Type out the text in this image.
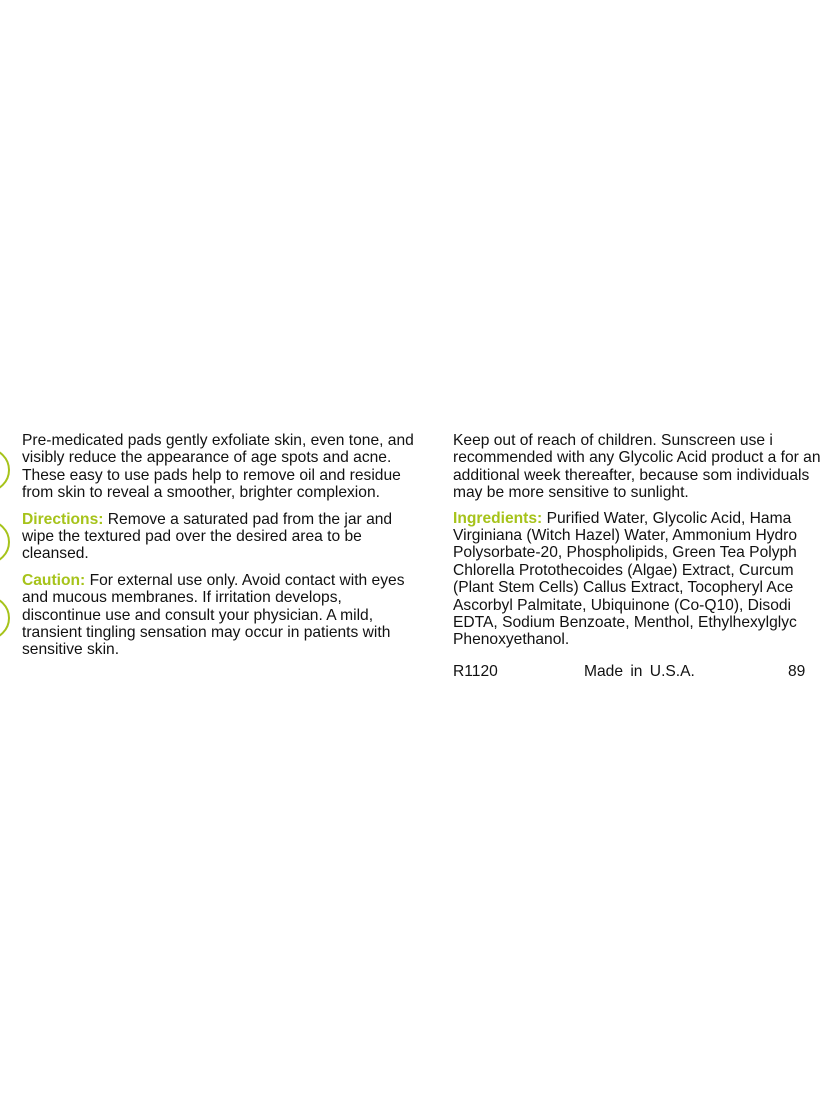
Pre-medicated pads gently exfoliate skin, even tone, and visibly reduce the appearance of age spots and acne. These easy to use pads help to remove oil and residue from skin to reveal a smoother, brighter complexion.

Directions: Remove a saturated pad from the jar and wipe the textured pad over the desired area to be cleansed.

Caution: For external use only. Avoid contact with eyes and mucous membranes. If irritation develops, discontinue use and consult your physician. A mild, transient tingling sensation may occur in patients with sensitive skin.

Keep out of reach of children. Sunscreen use i recommended with any Glycolic Acid product a for an additional week thereafter, because som individuals may be more sensitive to sunlight.

Ingredients: Purified Water, Glycolic Acid, Hama Virginiana (Witch Hazel) Water, Ammonium Hydro Polysorbate-20, Phospholipids, Green Tea Polyph Chlorella Protothecoides (Algae) Extract, Curcum (Plant Stem Cells) Callus Extract, Tocopheryl Ace Ascorbyl Palmitate, Ubiquinone (Co-Q10), Disodi EDTA, Sodium Benzoate, Menthol, Ethylhexylglyc Phenoxyethanol.

R1120	Made in U.S.A.	89
